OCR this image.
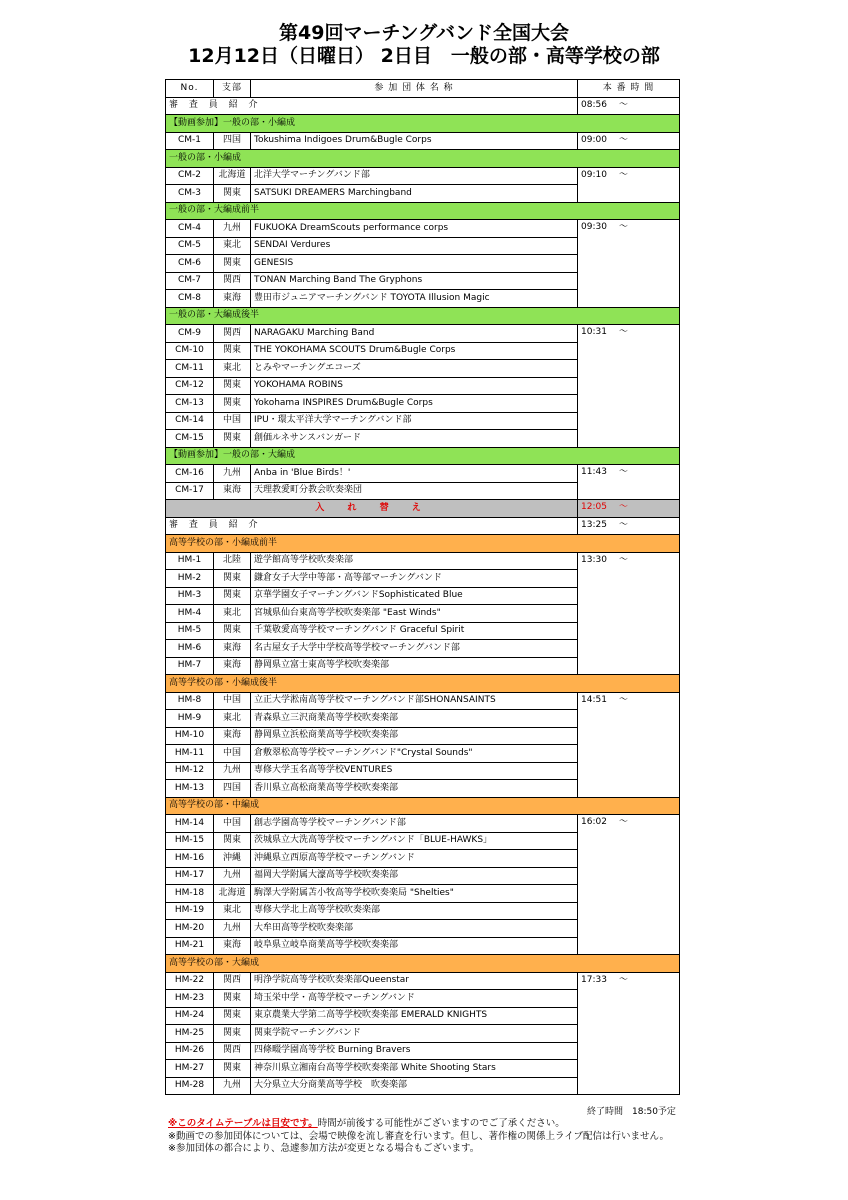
第49回マーチングバンド全国大会
12月12日（日曜日） 2日目　一般の部・高等学校の部
No.	支部	参 加 団 体 名 称	本 番 時 間
審 査 員 紹 介			08:56 ～
【動画参加】一般の部・小編成			
CM-1	四国	Tokushima Indigoes Drum&Bugle Corps	09:00 ～
一般の部・小編成			
CM-2	北海道	北洋大学マーチングバンド部	09:10 ～
CM-3	関東	SATSUKI DREAMERS Marchingband	
一般の部・大編成前半			
CM-4	九州	FUKUOKA DreamScouts performance corps	09:30 ～
CM-5	東北	SENDAI Verdures	
CM-6	関東	GENESIS	
CM-7	関西	TONAN Marching Band The Gryphons	
CM-8	東海	豊田市ジュニアマーチングバンド TOYOTA Illusion Magic	
一般の部・大編成後半			
CM-9	関西	NARAGAKU Marching Band	10:31 ～
CM-10	関東	THE YOKOHAMA SCOUTS Drum&Bugle Corps	
CM-11	東北	とみやマーチングエコーズ	
CM-12	関東	YOKOHAMA ROBINS	
CM-13	関東	Yokohama INSPIRES Drum&Bugle Corps	
CM-14	中国	IPU・環太平洋大学マーチングバンド部	
CM-15	関東	創価ルネサンスバンガード	
【動画参加】一般の部・大編成			
CM-16	九州	Anba in 'Blue Birds！'	11:43 ～
CM-17	東海	天理教愛町分教会吹奏楽団	
入 れ 替 え			12:05 ～
審 査 員 紹 介			13:25 ～
高等学校の部・小編成前半			
HM-1	北陸	遊学館高等学校吹奏楽部	13:30 ～
HM-2	関東	鎌倉女子大学中等部・高等部マーチングバンド	
HM-3	関東	京華学園女子マーチングバンドSophisticated Blue	
HM-4	東北	宮城県仙台東高等学校吹奏楽部 "East Winds"	
HM-5	関東	千葉敬愛高等学校マーチングバンド Graceful Spirit	
HM-6	東海	名古屋女子大学中学校高等学校マーチングバンド部	
HM-7	東海	静岡県立富士東高等学校吹奏楽部	
高等学校の部・小編成後半			
HM-8	中国	立正大学淞南高等学校マーチングバンド部SHONANSAINTS	14:51 ～
HM-9	東北	青森県立三沢商業高等学校吹奏楽部	
HM-10	東海	静岡県立浜松商業高等学校吹奏楽部	
HM-11	中国	倉敷翠松高等学校マーチングバンド"Crystal Sounds"	
HM-12	九州	専修大学玉名高等学校VENTURES	
HM-13	四国	香川県立高松商業高等学校吹奏楽部	
高等学校の部・中編成			
HM-14	中国	創志学園高等学校マーチングバンド部	16:02 ～
HM-15	関東	茨城県立大洗高等学校マーチングバンド「BLUE-HAWKS」	
HM-16	沖縄	沖縄県立西原高等学校マーチングバンド	
HM-17	九州	福岡大学附属大濠高等学校吹奏楽部	
HM-18	北海道	駒澤大学附属苫小牧高等学校吹奏楽局 "Shelties"	
HM-19	東北	専修大学北上高等学校吹奏楽部	
HM-20	九州	大牟田高等学校吹奏楽部	
HM-21	東海	岐阜県立岐阜商業高等学校吹奏楽部	
高等学校の部・大編成			
HM-22	関西	明浄学院高等学校吹奏楽部Queenstar	17:33 ～
HM-23	関東	埼玉栄中学・高等学校マーチングバンド	
HM-24	関東	東京農業大学第二高等学校吹奏楽部 EMERALD KNIGHTS	
HM-25	関東	関東学院マーチングバンド	
HM-26	関西	四條畷学園高等学校 Burning Bravers	
HM-27	関東	神奈川県立湘南台高等学校吹奏楽部 White Shooting Stars	
HM-28	九州	大分県立大分商業高等学校　吹奏楽部	
終了時間　18:50予定
※このタイムテーブルは目安です。時間が前後する可能性がございますのでご了承ください。
※動画での参加団体については、会場で映像を流し審査を行います。但し、著作権の関係上ライブ配信は行いません。
※参加団体の都合により、急遽参加方法が変更となる場合もございます。
